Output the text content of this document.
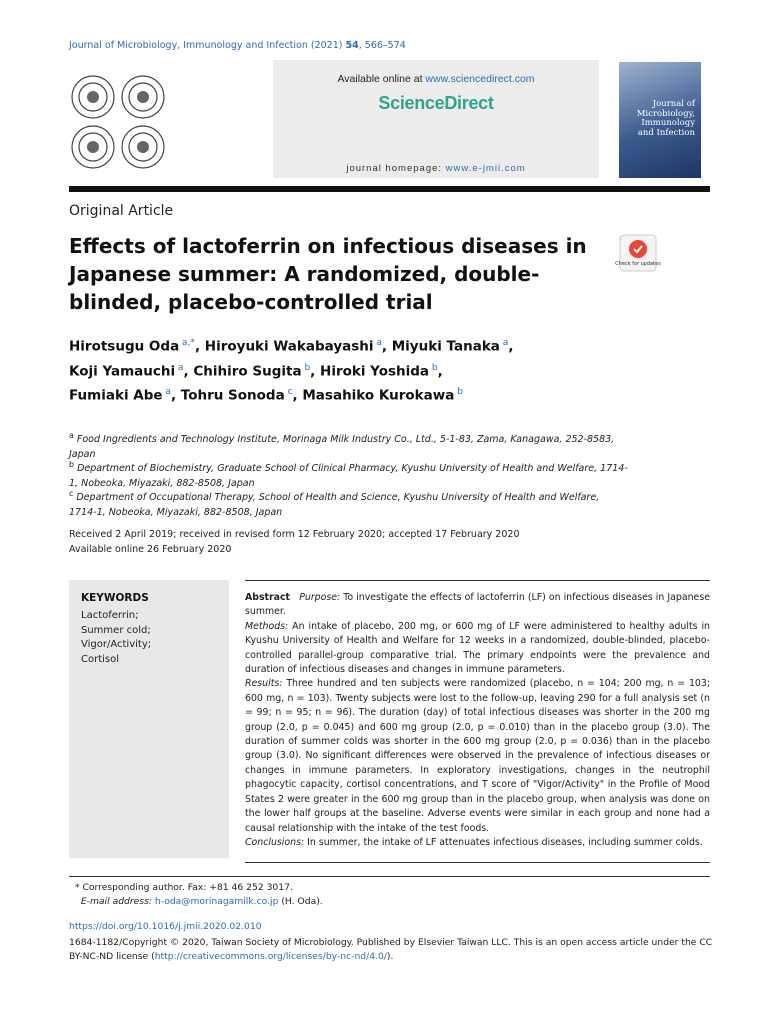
Journal of Microbiology, Immunology and Infection (2021) 54, 566–574
Available online at www.sciencedirect.com
ScienceDirect
journal homepage: www.e-jmii.com
Journal of
Microbiology,
Immunology
and Infection
Original Article
Effects of lactoferrin on infectious diseases in Japanese summer: A randomized, double-blinded, placebo-controlled trial
Check for updates
Hirotsugu Oda $^{a,*}$, Hiroyuki Wakabayashi $^a$, Miyuki Tanaka $^a$,
Koji Yamauchi $^a$, Chihiro Sugita $^b$, Hiroki Yoshida $^b$,
Fumiaki Abe $^a$, Tohru Sonoda $^c$, Masahiko Kurokawa $^b$
$^a$ Food Ingredients and Technology Institute, Morinaga Milk Industry Co., Ltd., 5-1-83, Zama, Kanagawa, 252-8583, Japan
$^b$ Department of Biochemistry, Graduate School of Clinical Pharmacy, Kyushu University of Health and Welfare, 1714-1, Nobeoka, Miyazaki, 882-8508, Japan
$^c$ Department of Occupational Therapy, School of Health and Science, Kyushu University of Health and Welfare, 1714-1, Nobeoka, Miyazaki, 882-8508, Japan
Received 2 April 2019; received in revised form 12 February 2020; accepted 17 February 2020
Available online 26 February 2020
KEYWORDS
Lactoferrin;
Summer cold;
Vigor/Activity;
Cortisol

Abstract Purpose: To investigate the effects of lactoferrin (LF) on infectious diseases in Japanese summer.

Methods: An intake of placebo, 200 mg, or 600 mg of LF were administered to healthy adults in Kyushu University of Health and Welfare for 12 weeks in a randomized, double-blinded, placebo-controlled parallel-group comparative trial. The primary endpoints were the prevalence and duration of infectious diseases and changes in immune parameters.

Results: Three hundred and ten subjects were randomized (placebo, n = 104; 200 mg, n = 103; 600 mg, n = 103). Twenty subjects were lost to the follow-up, leaving 290 for a full analysis set (n = 99; n = 95; n = 96). The duration (day) of total infectious diseases was shorter in the 200 mg group (2.0, p = 0.045) and 600 mg group (2.0, p = 0.010) than in the placebo group (3.0). The duration of summer colds was shorter in the 600 mg group (2.0, p = 0.036) than in the placebo group (3.0). No significant differences were observed in the prevalence of infectious diseases or changes in immune parameters. In exploratory investigations, changes in the neutrophil phagocytic capacity, cortisol concentrations, and T score of "Vigor/Activity" in the Profile of Mood States 2 were greater in the 600 mg group than in the placebo group, when analysis was done on the lower half groups at the baseline. Adverse events were similar in each group and none had a causal relationship with the intake of the test foods.

Conclusions: In summer, the intake of LF attenuates infectious diseases, including summer colds.

* Corresponding author. Fax: +81 46 252 3017.
E-mail address: h-oda@morinagamilk.co.jp (H. Oda).
https://doi.org/10.1016/j.jmii.2020.02.010
1684-1182/Copyright © 2020, Taiwan Society of Microbiology. Published by Elsevier Taiwan LLC. This is an open access article under the CC BY-NC-ND license (http://creativecommons.org/licenses/by-nc-nd/4.0/).
